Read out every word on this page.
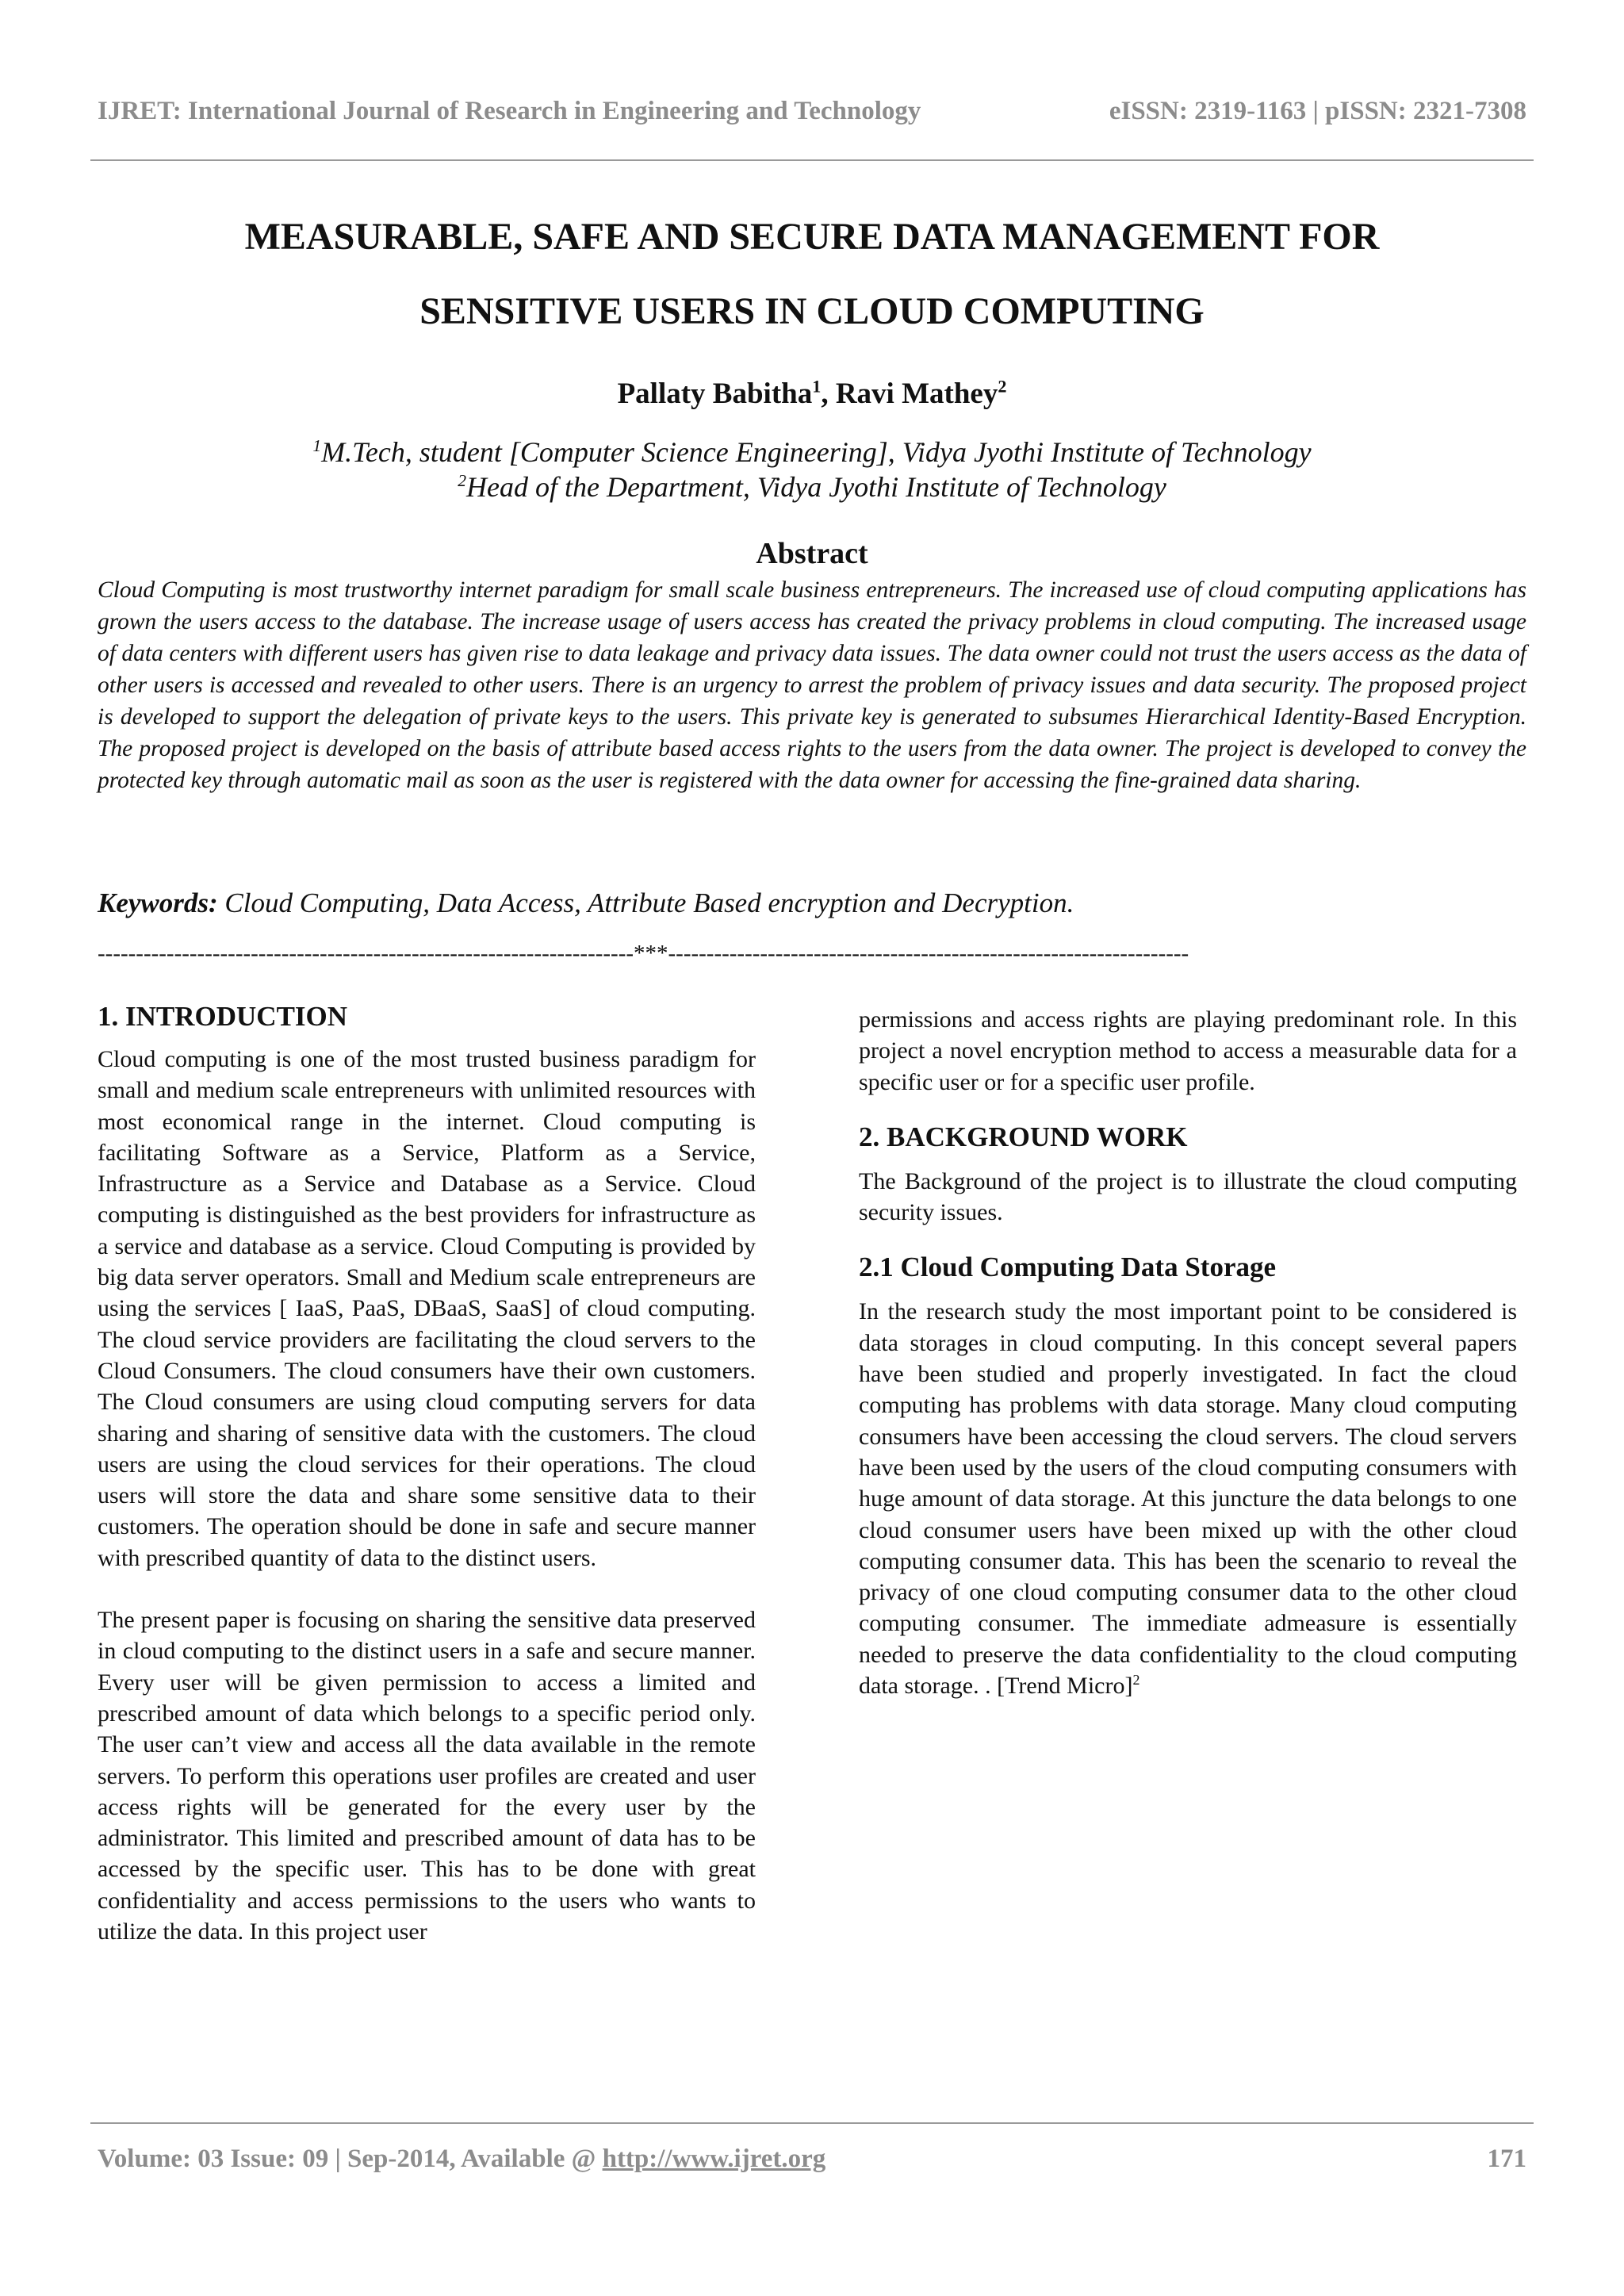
IJRET: International Journal of Research in Engineering and Technology	eISSN: 2319-1163 | pISSN: 2321-7308
MEASURABLE, SAFE AND SECURE DATA MANAGEMENT FOR
SENSITIVE USERS IN CLOUD COMPUTING
Pallaty Babitha$^1$, Ravi Mathey$^2$
$^1$M.Tech, student [Computer Science Engineering], Vidya Jyothi Institute of Technology
$^2$Head of the Department, Vidya Jyothi Institute of Technology
Abstract

Cloud Computing is most trustworthy internet paradigm for small scale business entrepreneurs. The increased use of cloud computing applications has grown the users access to the database. The increase usage of users access has created the privacy problems in cloud computing. The increased usage of data centers with different users has given rise to data leakage and privacy data issues. The data owner could not trust the users access as the data of other users is accessed and revealed to other users. There is an urgency to arrest the problem of privacy issues and data security. The proposed project is developed to support the delegation of private keys to the users. This private key is generated to subsumes Hierarchical Identity-Based Encryption. The proposed project is developed on the basis of attribute based access rights to the users from the data owner. The project is developed to convey the protected key through automatic mail as soon as the user is registered with the data owner for accessing the fine-grained data sharing.

Keywords: Cloud Computing, Data Access, Attribute Based encryption and Decryption.

----------------------------------------------------------------------***--------------------------------------------------------------------
1. INTRODUCTION

Cloud computing is one of the most trusted business paradigm for small and medium scale entrepreneurs with unlimited resources with most economical range in the internet. Cloud computing is facilitating Software as a Service, Platform as a Service, Infrastructure as a Service and Database as a Service. Cloud computing is distinguished as the best providers for infrastructure as a service and database as a service. Cloud Computing is provided by big data server operators. Small and Medium scale entrepreneurs are using the services [ IaaS, PaaS, DBaaS, SaaS] of cloud computing. The cloud service providers are facilitating the cloud servers to the Cloud Consumers. The cloud consumers have their own customers. The Cloud consumers are using cloud computing servers for data sharing and sharing of sensitive data with the customers. The cloud users are using the cloud services for their operations. The cloud users will store the data and share some sensitive data to their customers. The operation should be done in safe and secure manner with prescribed quantity of data to the distinct users.

The present paper is focusing on sharing the sensitive data preserved in cloud computing to the distinct users in a safe and secure manner. Every user will be given permission to access a limited and prescribed amount of data which belongs to a specific period only. The user can’t view and access all the data available in the remote servers. To perform this operations user profiles are created and user access rights will be generated for the every user by the administrator. This limited and prescribed amount of data has to be accessed by the specific user. This has to be done with great confidentiality and access permissions to the users who wants to utilize the data. In this project user

permissions and access rights are playing predominant role. In this project a novel encryption method to access a measurable data for a specific user or for a specific user profile.

2. BACKGROUND WORK

The Background of the project is to illustrate the cloud computing security issues.

2.1 Cloud Computing Data Storage

In the research study the most important point to be considered is data storages in cloud computing. In this concept several papers have been studied and properly investigated. In fact the cloud computing has problems with data storage. Many cloud computing consumers have been accessing the cloud servers. The cloud servers have been used by the users of the cloud computing consumers with huge amount of data storage. At this juncture the data belongs to one cloud consumer users have been mixed up with the other cloud computing consumer data. This has been the scenario to reveal the privacy of one cloud computing consumer data to the other cloud computing consumer. The immediate admeasure is essentially needed to preserve the data confidentiality to the cloud computing data storage. . [Trend Micro]$^2$

Volume: 03 Issue: 09 | Sep-2014, Available @ http://www.ijret.org	171
